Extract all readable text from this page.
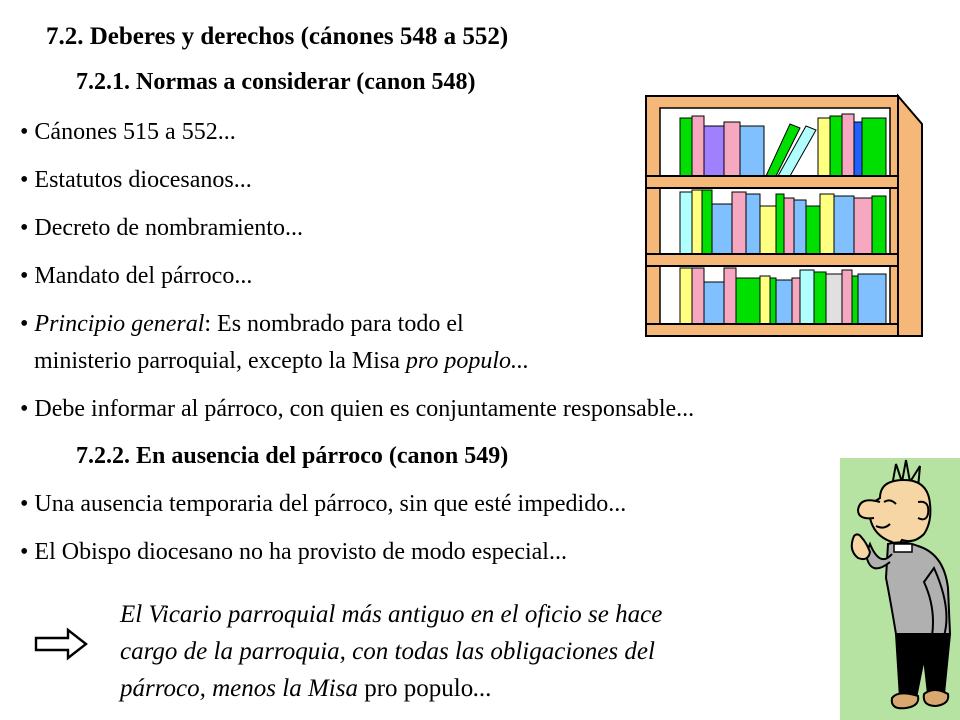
7.2. Deberes y derechos (cánones 548 a 552)
7.2.1. Normas a considerar (canon 548)
• Cánones 515 a 552...
• Estatutos diocesanos...
• Decreto de nombramiento...
• Mandato del párroco...
• Principio general: Es nombrado para todo el
ministerio parroquial, excepto la Misa pro populo...
• Debe informar al párroco, con quien es conjuntamente responsable...
7.2.2. En ausencia del párroco (canon 549)
• Una ausencia temporaria del párroco, sin que esté impedido...
• El Obispo diocesano no ha provisto de modo especial...
El Vicario parroquial más antiguo en el oficio se hace
cargo de la parroquia, con todas las obligaciones del
párroco, menos la Misa pro populo...
